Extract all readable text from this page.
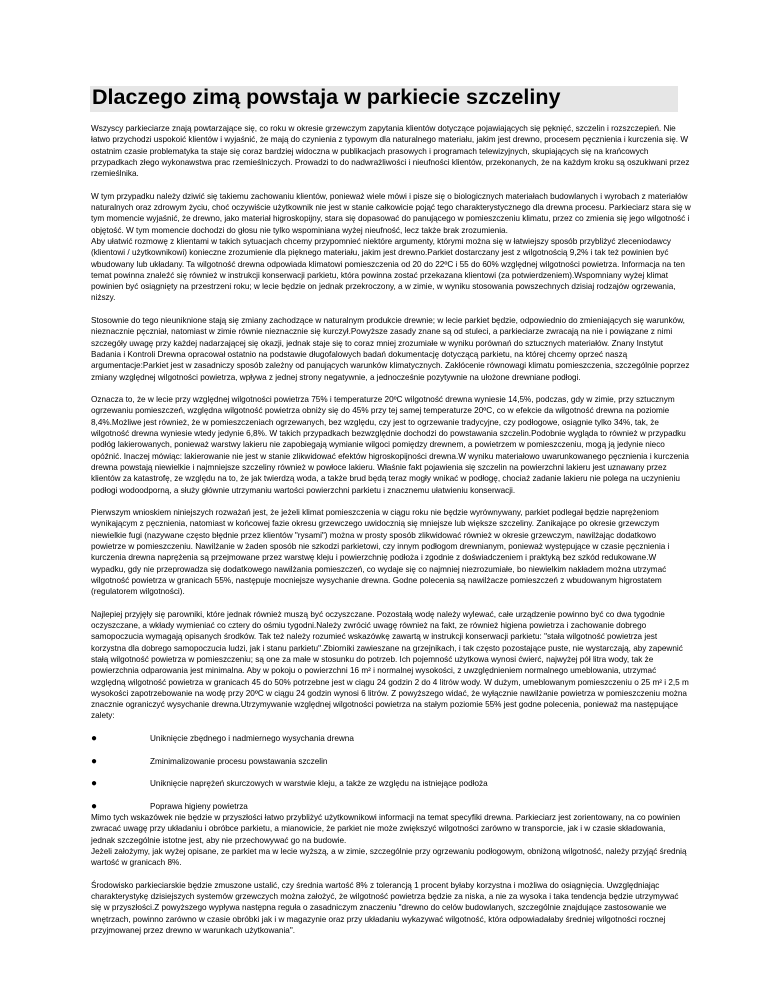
Dlaczego zimą powstaja w parkiecie szczeliny

Wszyscy parkieciarze znają powtarzające się, co roku w okresie grzewczym zapytania klientów dotyczące pojawiających się pęknięć, szczelin i rozszczepień. Nie łatwo przychodzi uspokoić klientów i wyjaśnić, że mają do czynienia z typowym dla naturalnego materiału, jakim jest drewno, procesem pęcznienia i kurczenia się. W ostatnim czasie problematyka ta staje się coraz bardziej widoczna w publikacjach prasowych i programach telewizyjnych, skupiających się na krańcowych przypadkach złego wykonawstwa prac rzemieślniczych. Prowadzi to do nadwrażliwości i nieufności klientów, przekonanych, że na każdym kroku są oszukiwani przez rzemieślnika.

W tym przypadku należy dziwić się takiemu zachowaniu klientów, ponieważ wiele mówi i pisze się o biologicznych materiałach budowlanych i wyrobach z materiałów naturalnych oraz zdrowym życiu, choć oczywiście użytkownik nie jest w stanie całkowicie pojąć tego charakterystycznego dla drewna procesu. Parkieciarz stara się w tym momencie wyjaśnić, że drewno, jako materiał higroskopijny, stara się dopasować do panującego w pomieszczeniu klimatu, przez co zmienia się jego wilgotność i objętość. W tym momencie dochodzi do głosu nie tylko wspominiana wyżej nieufność, lecz także brak zrozumienia.

Aby ułatwić rozmowę z klientami w takich sytuacjach chcemy przypomnieć niektóre argumenty, którymi można się w łatwiejszy sposób przybliżyć zleceniodawcy (klientowi / użytkownikowi) konieczne zrozumienie dla pięknego materiału, jakim jest drewno.Parkiet dostarczany jest z wilgotnością 9,2% i tak też powinien być wbudowany lub układany. Ta wilgotność drewna odpowiada klimatowi pomieszczenia od 20 do 22ºC i 55 do 60% względnej wilgotności powietrza. Informacja na ten temat powinna znaleźć się również w instrukcji konserwacji parkietu, która powinna zostać przekazana klientowi (za potwierdzeniem).Wspomniany wyżej klimat powinien być osiągnięty na przestrzeni roku; w lecie będzie on jednak przekroczony, a w zimie, w wyniku stosowania powszechnych dzisiaj rodzajów ogrzewania, niższy.

Stosownie do tego nieuniknione stają się zmiany zachodzące w naturalnym produkcie drewnie; w lecie parkiet będzie, odpowiednio do zmieniających się warunków, nieznacznie pęczniał, natomiast w zimie równie nieznacznie się kurczył.Powyższe zasady znane są od stuleci, a parkieciarze zwracają na nie i powiązane z nimi szczegóły uwagę przy każdej nadarzającej się okazji, jednak staje się to coraz mniej zrozumiałe w wyniku porównań do sztucznych materiałów. Znany Instytut Badania i Kontroli Drewna opracował ostatnio na podstawie długofalowych badań dokumentację dotyczącą parkietu, na której chcemy oprzeć naszą argumentacje:Parkiet jest w zasadniczy sposób zależny od panujących warunków klimatycznych. Zakłócenie równowagi klimatu pomieszczenia, szczególnie poprzez zmiany względnej wilgotności powietrza, wpływa z jednej strony negatywnie, a jednocześnie pozytywnie na ułożone drewniane podłogi.

Oznacza to, że w lecie przy względnej wilgotności powietrza 75% i temperaturze 20ºC wilgotność drewna wyniesie 14,5%, podczas, gdy w zimie, przy sztucznym ogrzewaniu pomieszczeń, względna wilgotność powietrza obniży się do 45% przy tej samej temperaturze 20ºC, co w efekcie da wilgotność drewna na poziomie 8,4%.Możliwe jest również, że w pomieszczeniach ogrzewanych, bez względu, czy jest to ogrzewanie tradycyjne, czy podłogowe, osiągnie tylko 34%, tak, że wilgotność drewna wyniesie wtedy jedynie 6,8%. W takich przypadkach bezwzględnie dochodzi do powstawania szczelin.Podobnie wygląda to również w przypadku podłóg lakierowanych, ponieważ warstwy lakieru nie zapobiegają wymianie wilgoci pomiędzy drewnem, a powietrzem w pomieszczeniu, mogą ją jedynie nieco opóźnić. Inaczej mówiąc: lakierowanie nie jest w stanie zlikwidować efektów higroskopijności drewna.W wyniku materiałowo uwarunkowanego pęcznienia i kurczenia drewna powstają niewielkie i najmniejsze szczeliny również w powłoce lakieru. Właśnie fakt pojawienia się szczelin na powierzchni lakieru jest uznawany przez klientów za katastrofę, ze względu na to, że jak twierdzą woda, a także brud będą teraz mogły wnikać w podłogę, chociaż zadanie lakieru nie polega na uczynieniu podłogi wodoodporną, a służy głównie utrzymaniu wartości powierzchni parkietu i znacznemu ułatwieniu konserwacji.

Pierwszym wnioskiem niniejszych rozważań jest, że jeżeli klimat pomieszczenia w ciągu roku nie będzie wyrównywany, parkiet podlegał będzie naprężeniom wynikającym z pęcznienia, natomiast w końcowej fazie okresu grzewczego uwidocznią się mniejsze lub większe szczeliny. Zanikające po okresie grzewczym niewielkie fugi (nazywane często błędnie przez klientów "rysami") można w prosty sposób zlikwidować również w okresie grzewczym, nawilżając dodatkowo powietrze w pomieszczeniu. Nawilżanie w żaden sposób nie szkodzi parkietowi, czy innym podłogom drewnianym, ponieważ występujące w czasie pęcznienia i kurczenia drewna naprężenia są przejmowane przez warstwę kleju i powierzchnię podłoża i zgodnie z doświadczeniem i praktyką bez szkód redukowane.W wypadku, gdy nie przeprowadza się dodatkowego nawilżania pomieszczeń, co wydaje się co najmniej niezrozumiałe, bo niewielkim nakładem można utrzymać wilgotność powietrza w granicach 55%, następuje mocniejsze wysychanie drewna. Godne polecenia są nawilżacze pomieszczeń z wbudowanym higrostatem (regulatorem wilgotności).

Najlepiej przyjęły się parowniki, które jednak również muszą być oczyszczane. Pozostałą wodę należy wylewać, całe urządzenie powinno być co dwa tygodnie oczyszczane, a wkłady wymieniać co cztery do ośmiu tygodni.Należy zwrócić uwagę również na fakt, ze również higiena powietrza i zachowanie dobrego samopoczucia wymagają opisanych środków. Tak też należy rozumieć wskazówkę zawartą w instrukcji konserwacji parkietu: "stała wilgotność powietrza jest korzystna dla dobrego samopoczucia ludzi, jak i stanu parkietu".Zbiorniki zawieszane na grzejnikach, i tak często pozostające puste, nie wystarczają, aby zapewnić stałą wilgotność powietrza w pomieszczeniu; są one za małe w stosunku do potrzeb. Ich pojemność użytkowa wynosi ćwierć, najwyżej pół litra wody, tak że powierzchnia odparowania jest minimalna. Aby w pokoju o powierzchni 16 m² i normalnej wysokości, z uwzględnieniem normalnego umeblowania, utrzymać względną wilgotność powietrza w granicach 45 do 50% potrzebne jest w ciągu 24 godzin 2 do 4 litrów wody. W dużym, umeblowanym pomieszczeniu o 25 m² i 2,5 m wysokości zapotrzebowanie na wodę przy 20ºC w ciągu 24 godzin wynosi 6 litrów. Z powyższego widać, że wyłącznie nawilżanie powietrza w pomieszczeniu można znacznie ograniczyć wysychanie drewna.Utrzymywanie względnej wilgotności powietrza na stałym poziomie 55% jest godne polecenia, ponieważ ma następujące zalety:

●	Uniknięcie zbędnego i nadmiernego wysychania drewna
●	Zminimalizowanie procesu powstawania szczelin
●	Uniknięcie naprężeń skurczowych w warstwie kleju, a także ze względu na istniejące podłoża
●	Poprawa higieny powietrza

Mimo tych wskazówek nie będzie w przyszłości łatwo przybliżyć użytkownikowi informacji na temat specyfiki drewna. Parkieciarz jest zorientowany, na co powinien zwracać uwagę przy układaniu i obróbce parkietu, a mianowicie, że parkiet nie może zwiększyć wilgotności zarówno w transporcie, jak i w czasie składowania, jednak szczególnie istotne jest, aby nie przechowywać go na budowie.

Jeżeli założymy, jak wyżej opisane, ze parkiet ma w lecie wyższą, a w zimie, szczególnie przy ogrzewaniu podłogowym, obniżoną wilgotność, należy przyjąć średnią wartość w granicach 8%.

Środowisko parkieciarskie będzie zmuszone ustalić, czy średnia wartość 8% z tolerancją 1 procent byłaby korzystna i możliwa do osiągnięcia. Uwzględniając charakterystykę dzisiejszych systemów grzewczych można założyć, że wilgotność powietrza będzie za niska, a nie za wysoka i taka tendencja będzie utrzymywać się w przyszłości.Z powyższego wypływa następna reguła o zasadniczym znaczeniu "drewno do celów budowlanych, szczególnie znajdujące zastosowanie we wnętrzach, powinno zarówno w czasie obróbki jak i w magazynie oraz przy układaniu wykazywać wilgotność, która odpowiadałaby średniej wilgotności rocznej przyjmowanej przez drewno w warunkach użytkowania".
